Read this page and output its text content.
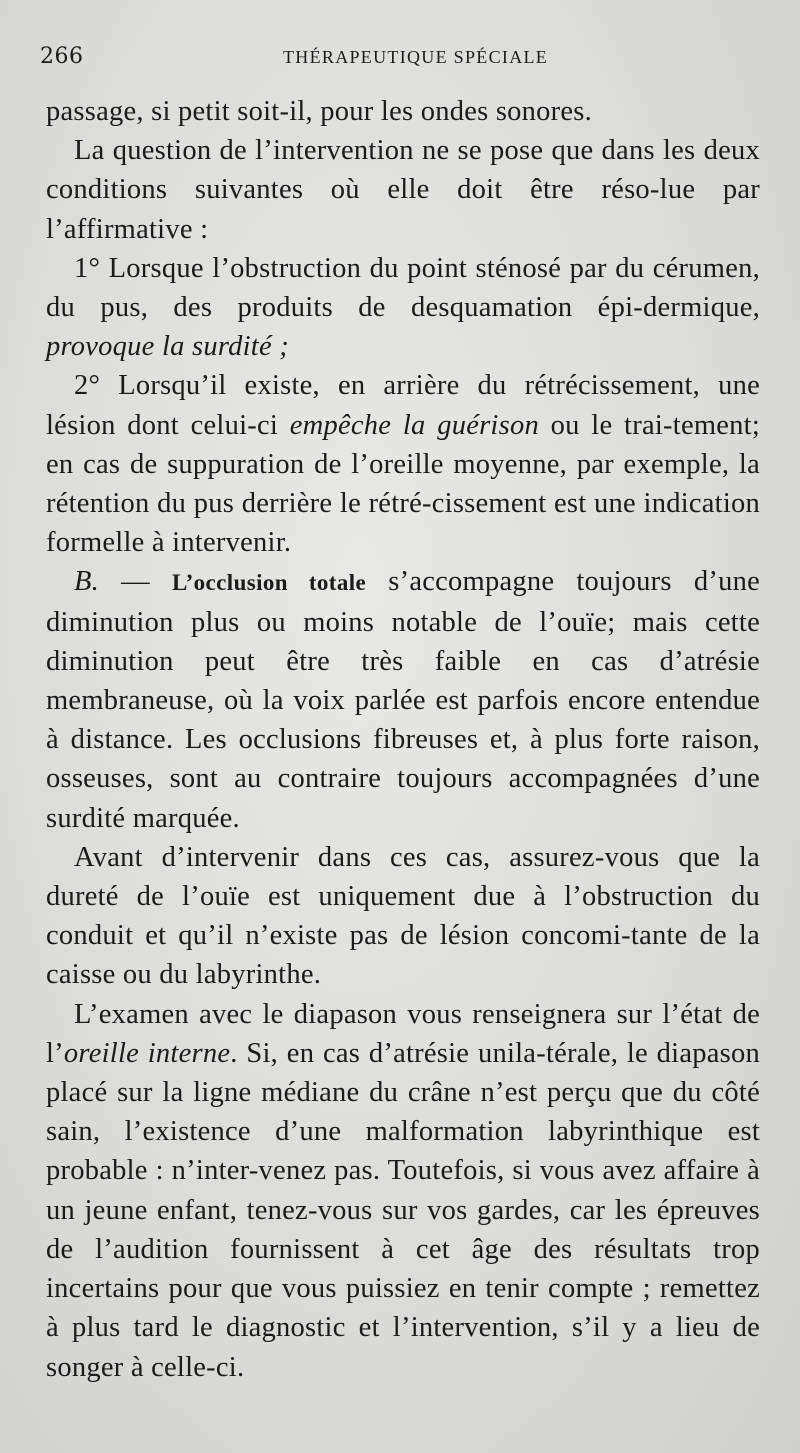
266	THÉRAPEUTIQUE SPÉCIALE

passage, si petit soit-il, pour les ondes sonores.

La question de l’intervention ne se pose que dans les deux conditions suivantes où elle doit être réso-lue par l’affirmative :

1° Lorsque l’obstruction du point sténosé par du cérumen, du pus, des produits de desquamation épi-dermique, provoque la surdité ;

2° Lorsqu’il existe, en arrière du rétrécissement, une lésion dont celui-ci empêche la guérison ou le trai-tement; en cas de suppuration de l’oreille moyenne, par exemple, la rétention du pus derrière le rétré-cissement est une indication formelle à intervenir.

B. — L’occlusion totale s’accompagne toujours d’une diminution plus ou moins notable de l’ouïe; mais cette diminution peut être très faible en cas d’atrésie membraneuse, où la voix parlée est parfois encore entendue à distance. Les occlusions fibreuses et, à plus forte raison, osseuses, sont au contraire toujours accompagnées d’une surdité marquée.

Avant d’intervenir dans ces cas, assurez-vous que la dureté de l’ouïe est uniquement due à l’obstruction du conduit et qu’il n’existe pas de lésion concomi-tante de la caisse ou du labyrinthe.

L’examen avec le diapason vous renseignera sur l’état de l’oreille interne. Si, en cas d’atrésie unila-térale, le diapason placé sur la ligne médiane du crâne n’est perçu que du côté sain, l’existence d’une malformation labyrinthique est probable : n’inter-venez pas. Toutefois, si vous avez affaire à un jeune enfant, tenez-vous sur vos gardes, car les épreuves de l’audition fournissent à cet âge des résultats trop incertains pour que vous puissiez en tenir compte ; remettez à plus tard le diagnostic et l’intervention, s’il y a lieu de songer à celle-ci.
